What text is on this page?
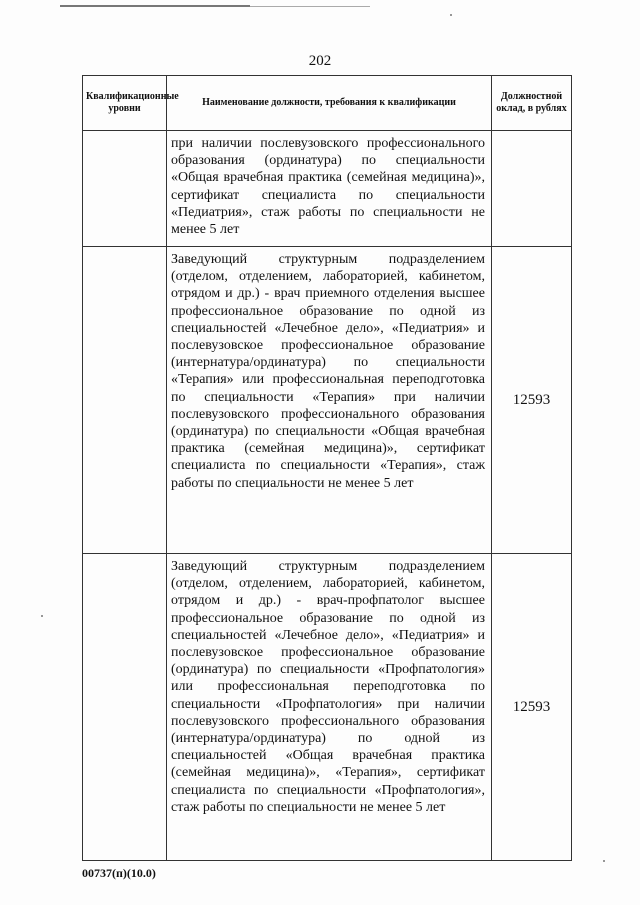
202
Квалификационные уровни	Наименование должности, требования к квалификации	Должностной оклад, в рублях
	при наличии послевузовского профессионального образования (ординатура) по специальности «Общая врачебная практика (семейная медицина)», сертификат специалиста по специальности «Педиатрия», стаж работы по специальности не менее 5 лет	
	Заведующий структурным подразделением (отделом, отделением, лабораторией, кабинетом, отрядом и др.) - врач приемного отделения высшее профессиональное образование по одной из специальностей «Лечебное дело», «Педиатрия» и послевузовское профессиональное образование (интернатура/ординатура) по специальности «Терапия» или профессиональная переподготовка по специальности «Терапия» при наличии послевузовского профессионального образования (ординатура) по специальности «Общая врачебная практика (семейная медицина)», сертификат специалиста по специальности «Терапия», стаж работы по специальности не менее 5 лет	12593
	Заведующий структурным подразделением (отделом, отделением, лабораторией, кабинетом, отрядом и др.) - врач-профпатолог высшее профессиональное образование по одной из специальностей «Лечебное дело», «Педиатрия» и послевузовское профессиональное образование (ординатура) по специальности «Профпатология» или профессиональная переподготовка по специальности «Профпатология» при наличии послевузовского профессионального образования (интернатура/ординатура) по одной из специальностей «Общая врачебная практика (семейная медицина)», «Терапия», сертификат специалиста по специальности «Профпатология», стаж работы по специальности не менее 5 лет	12593
00737(п)(10.0)
